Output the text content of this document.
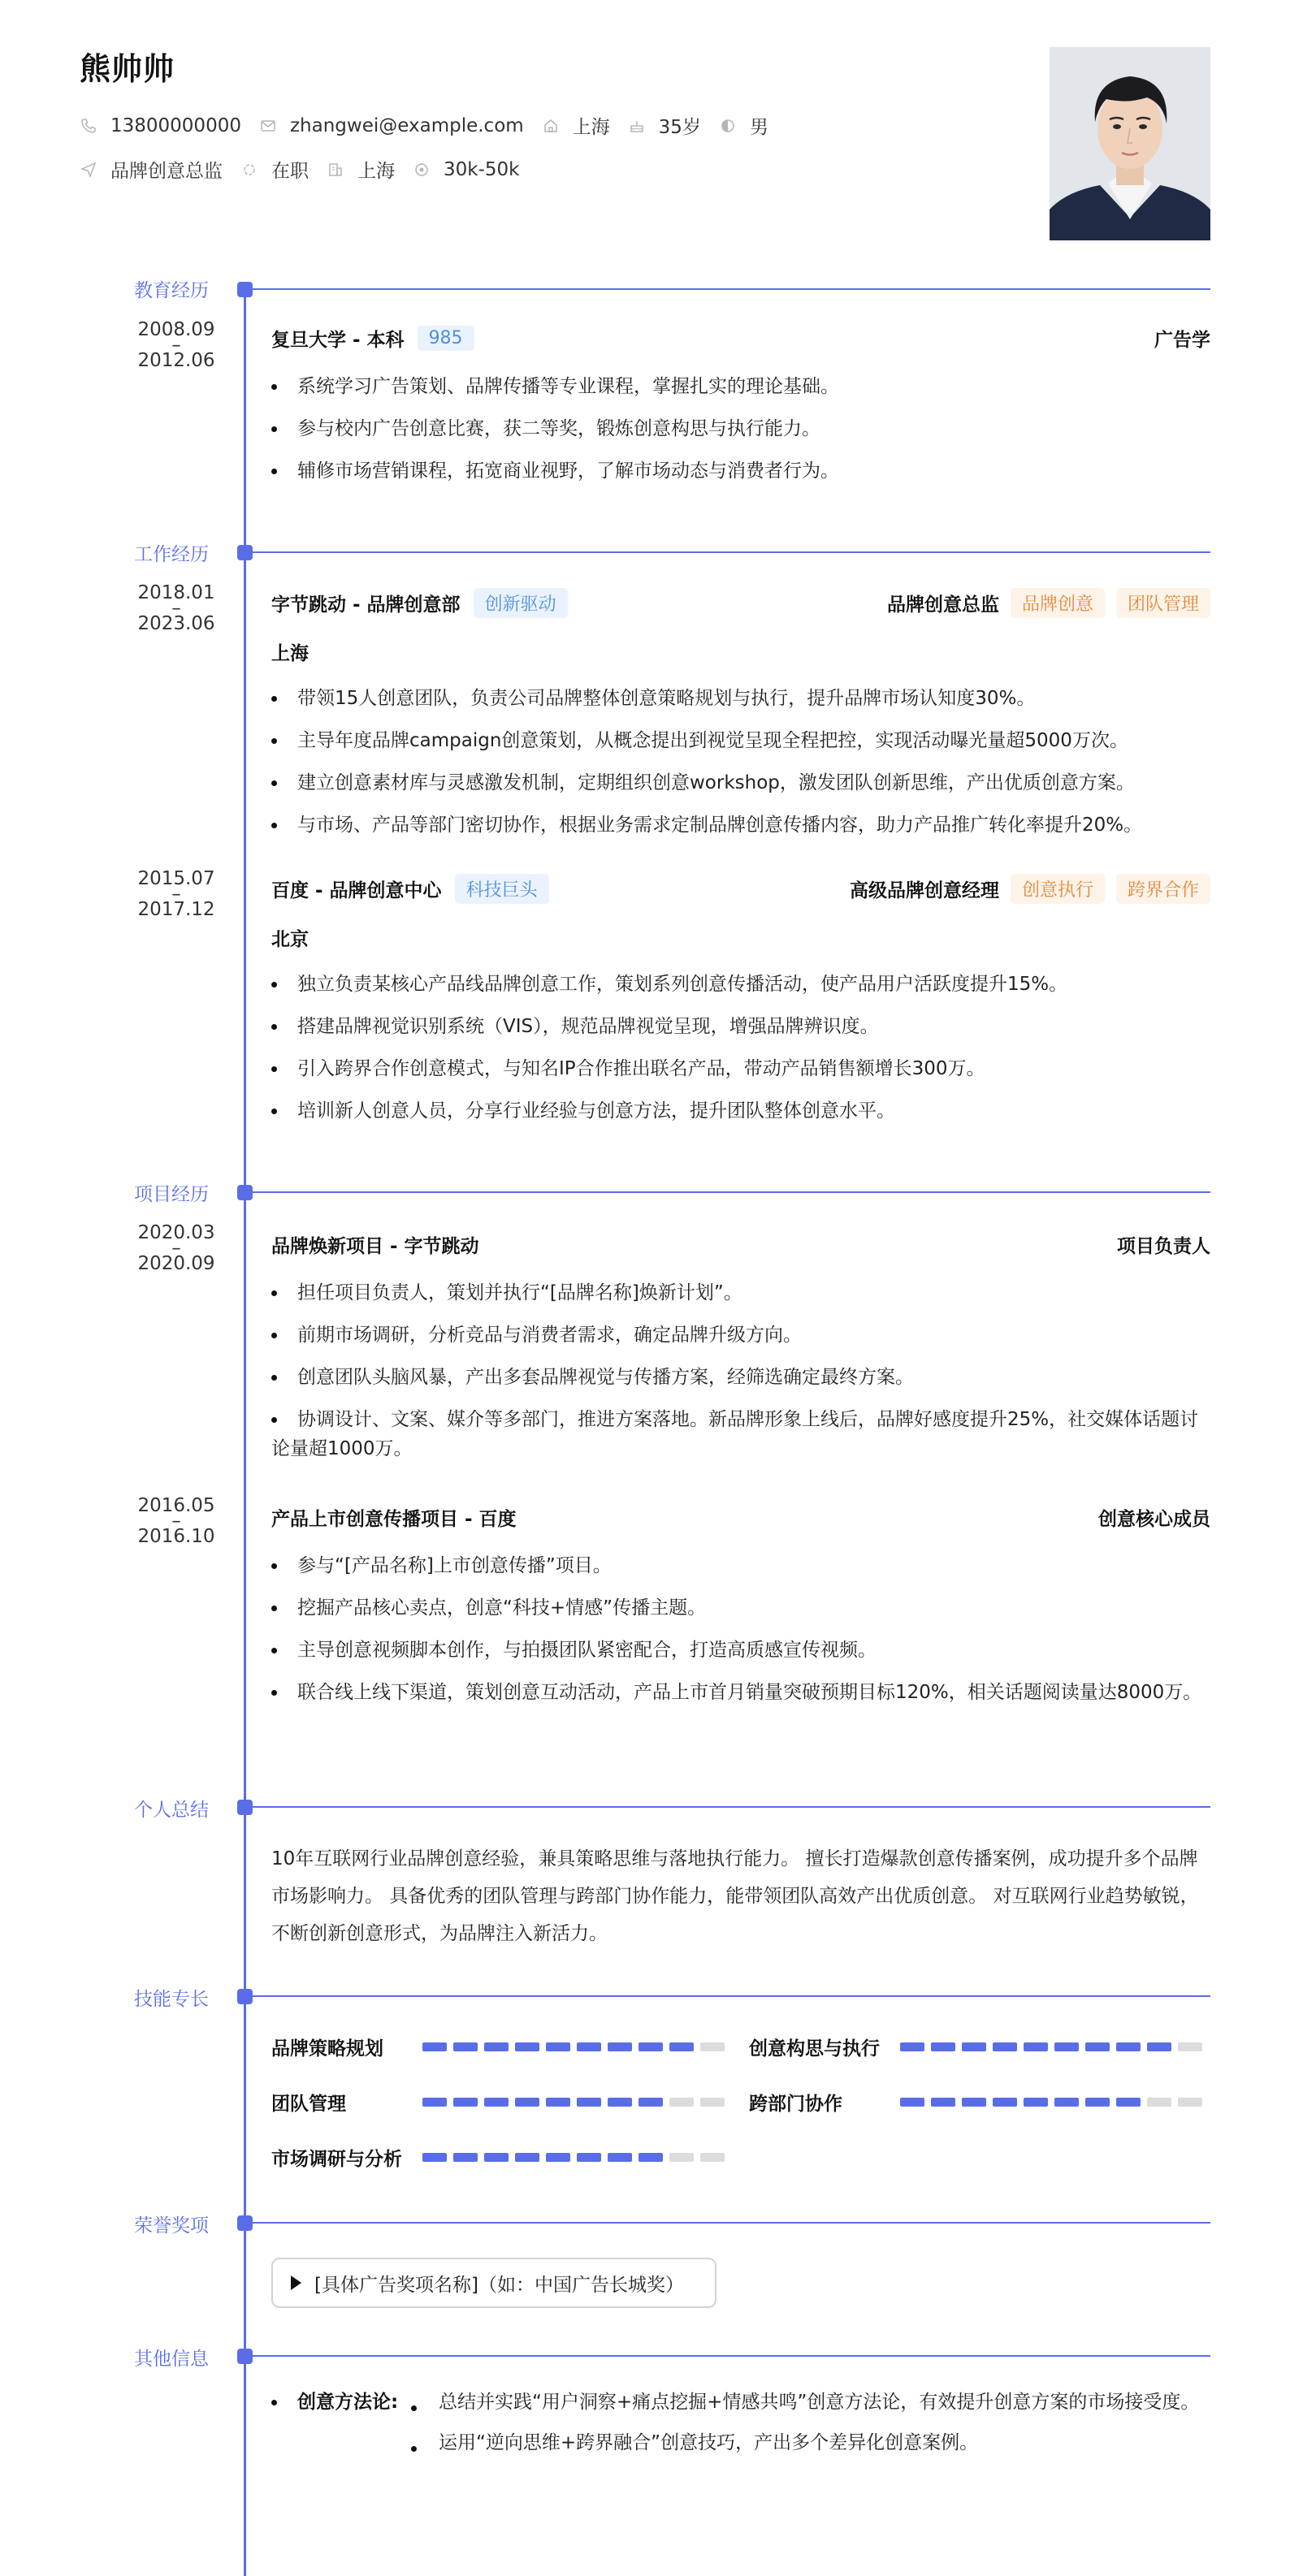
熊帅帅
13800000000	zhangwei@example.com	上海	35岁	男
品牌创意总监	在职	上海	30k-50k
教育经历
2008.09
–
2012.06
复旦大学 - 本科	985	广告学
系统学习广告策划、品牌传播等专业课程，掌握扎实的理论基础。
参与校内广告创意比赛，获二等奖，锻炼创意构思与执行能力。
辅修市场营销课程，拓宽商业视野，了解市场动态与消费者行为。
工作经历
2018.01
–
2023.06
字节跳动 - 品牌创意部	创新驱动	品牌创意总监	品牌创意	团队管理
上海
带领15人创意团队，负责公司品牌整体创意策略规划与执行，提升品牌市场认知度30%。
主导年度品牌campaign创意策划，从概念提出到视觉呈现全程把控，实现活动曝光量超5000万次。
建立创意素材库与灵感激发机制，定期组织创意workshop，激发团队创新思维，产出优质创意方案。
与市场、产品等部门密切协作，根据业务需求定制品牌创意传播内容，助力产品推广转化率提升20%。
2015.07
–
2017.12
百度 - 品牌创意中心	科技巨头	高级品牌创意经理	创意执行	跨界合作
北京
独立负责某核心产品线品牌创意工作，策划系列创意传播活动，使产品用户活跃度提升15%。
搭建品牌视觉识别系统（VIS），规范品牌视觉呈现，增强品牌辨识度。
引入跨界合作创意模式，与知名IP合作推出联名产品，带动产品销售额增长300万。
培训新人创意人员，分享行业经验与创意方法，提升团队整体创意水平。
项目经历
2020.03
–
2020.09
品牌焕新项目 - 字节跳动	项目负责人
担任项目负责人，策划并执行“[品牌名称]焕新计划”。
前期市场调研，分析竞品与消费者需求，确定品牌升级方向。
创意团队头脑风暴，产出多套品牌视觉与传播方案，经筛选确定最终方案。
协调设计、文案、媒介等多部门，推进方案落地。新品牌形象上线后，品牌好感度提升25%，社交媒体话题讨论量超1000万。
2016.05
–
2016.10
产品上市创意传播项目 - 百度	创意核心成员
参与“[产品名称]上市创意传播”项目。
挖掘产品核心卖点，创意“科技+情感”传播主题。
主导创意视频脚本创作，与拍摄团队紧密配合，打造高质感宣传视频。
联合线上线下渠道，策划创意互动活动，产品上市首月销量突破预期目标120%，相关话题阅读量达8000万。
个人总结
10年互联网行业品牌创意经验，兼具策略思维与落地执行能力。 擅长打造爆款创意传播案例，成功提升多个品牌市场影响力。 具备优秀的团队管理与跨部门协作能力，能带领团队高效产出优质创意。 对互联网行业趋势敏锐，不断创新创意形式，为品牌注入新活力。
技能专长
品牌策略规划	创意构思与执行
团队管理	跨部门协作
市场调研与分析
荣誉奖项
[具体广告奖项名称]（如：中国广告长城奖）
其他信息
创意方法论:	总结并实践“用户洞察+痛点挖掘+情感共鸣”创意方法论，有效提升创意方案的市场接受度。
运用“逆向思维+跨界融合”创意技巧，产出多个差异化创意案例。
